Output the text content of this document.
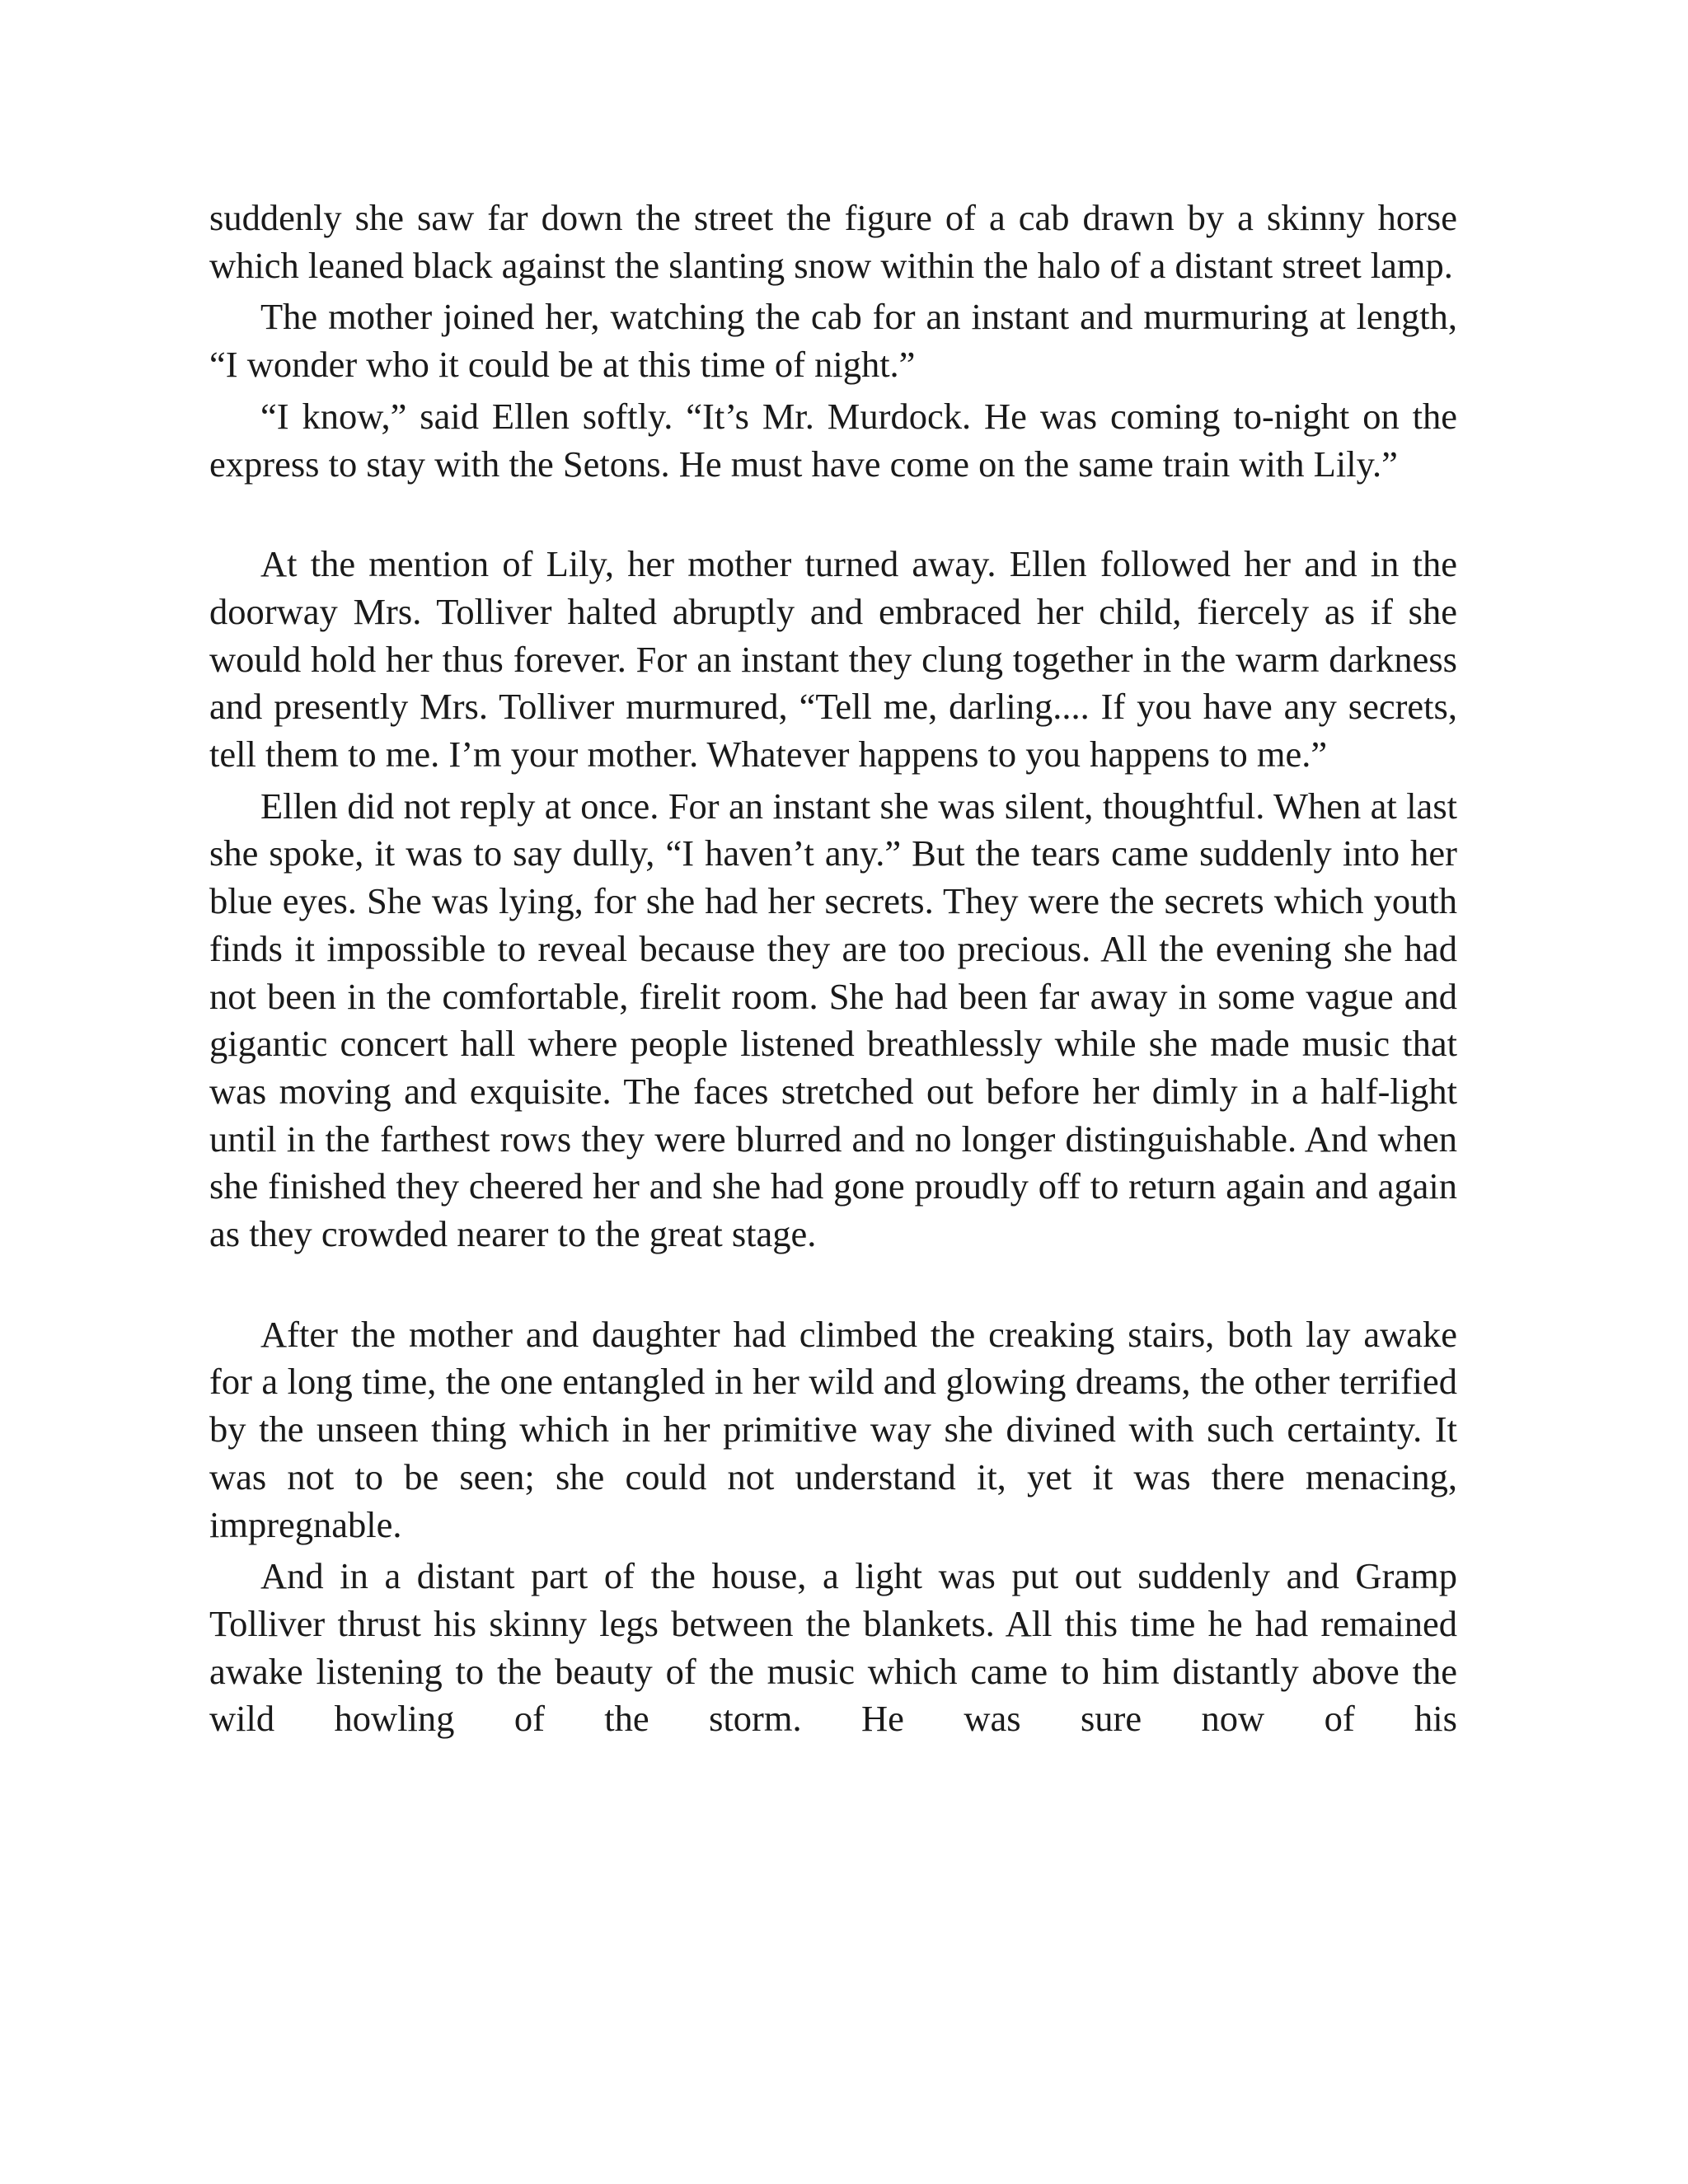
suddenly she saw far down the street the figure of a cab drawn by a skinny horse which leaned black against the slanting snow within the halo of a distant street lamp.

The mother joined her, watching the cab for an instant and murmuring at length, “I wonder who it could be at this time of night.”

“I know,” said Ellen softly. “It’s Mr. Murdock. He was coming to-night on the express to stay with the Setons. He must have come on the same train with Lily.”

At the mention of Lily, her mother turned away. Ellen followed her and in the doorway Mrs. Tolliver halted abruptly and embraced her child, fiercely as if she would hold her thus forever. For an instant they clung together in the warm darkness and presently Mrs. Tolliver murmured, “Tell me, darling.... If you have any secrets, tell them to me. I’m your mother. Whatever happens to you happens to me.”

Ellen did not reply at once. For an instant she was silent, thoughtful. When at last she spoke, it was to say dully, “I haven’t any.” But the tears came suddenly into her blue eyes. She was lying, for she had her secrets. They were the secrets which youth finds it impossible to reveal because they are too precious. All the evening she had not been in the comfortable, firelit room. She had been far away in some vague and gigantic concert hall where people listened breathlessly while she made music that was moving and exquisite. The faces stretched out before her dimly in a half-light until in the farthest rows they were blurred and no longer distinguishable. And when she finished they cheered her and she had gone proudly off to return again and again as they crowded nearer to the great stage.

After the mother and daughter had climbed the creaking stairs, both lay awake for a long time, the one entangled in her wild and glowing dreams, the other terrified by the unseen thing which in her primitive way she divined with such certainty. It was not to be seen; she could not understand it, yet it was there menacing, impregnable.

And in a distant part of the house, a light was put out suddenly and Gramp Tolliver thrust his skinny legs between the blankets. All this time he had remained awake listening to the beauty of the music which came to him distantly above the wild howling of the storm. He was sure now of his
